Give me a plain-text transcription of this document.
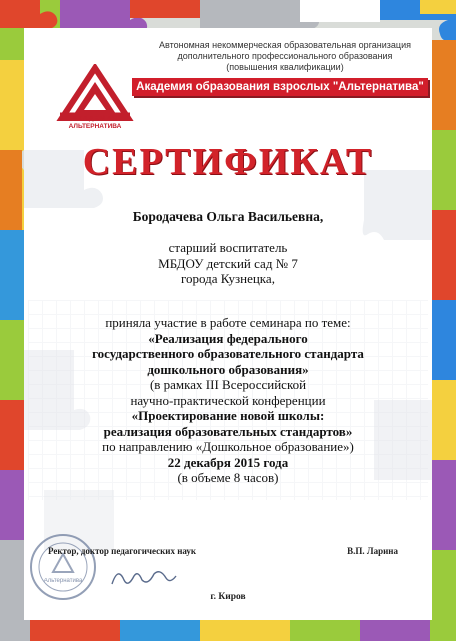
Автономная некоммерческая образовательная организация
дополнительного профессионального образования
(повышения квалификации)
АКАДЕМИЯ
АЛЬТЕРНАТИВА
Академия образования взрослых "Альтернатива"
СЕРТИФИКАТ
Бородачева Ольга Васильевна,
старший воспитатель
МБДОУ детский сад № 7
города Кузнецка,
приняла участие в работе семинара по теме:
«Реализация федерального
государственного образовательного стандарта
дошкольного образования»
(в рамках III Всероссийской
научно-практической конференции
«Проектирование новой школы:
реализация образовательных стандартов»
по направлению «Дошкольное образование»)
22 декабря 2015 года
(в объеме 8 часов)
Альтернатива
Ректор, доктор педагогических наук	В.П. Ларина
г. Киров
